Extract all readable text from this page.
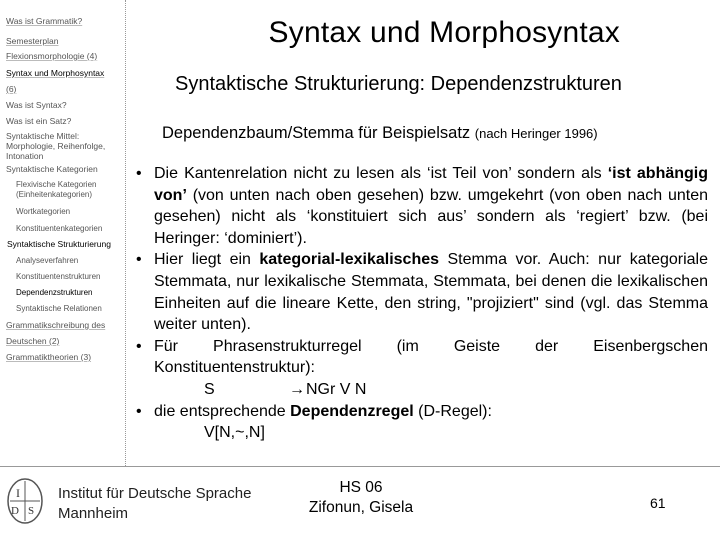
Was ist Grammatik?
Semesterplan
Flexionsmorphologie (4)
Syntax und Morphosyntax
(6)
Was ist Syntax?
Was ist ein Satz?
Syntaktische Mittel: Morphologie, Reihenfolge, Intonation
Syntaktische Kategorien
Flexivische Kategorien (Einheitenkategorien)
Wortkategorien
Konstituentenkategorien
Syntaktische Strukturierung
Analyseverfahren
Konstituentenstrukturen
Dependenzstrukturen
Syntaktische Relationen
Grammatikschreibung des
Deutschen (2)
Grammatiktheorien (3)
Syntax und Morphosyntax
Syntaktische Strukturierung: Dependenzstrukturen
Dependenzbaum/Stemma für Beispielsatz (nach Heringer 1996)
• Die Kantenrelation nicht zu lesen als ‘ist Teil von’ sondern als ‘ist abhängig von’ (von unten nach oben gesehen) bzw. umgekehrt (von oben nach unten gesehen) nicht als ‘konstituiert sich aus’ sondern als ‘regiert’ bzw. (bei Heringer: ‘dominiert’).
• Hier liegt ein kategorial-lexikalisches Stemma vor. Auch: nur kategoriale Stemmata, nur lexikalische Stemmata, Stemmata, bei denen die lexikalischen Einheiten auf die lineare Kette, den string, "projiziert" sind (vgl. das Stemma weiter unten).
• Für Phrasenstrukturregel (im Geiste der Eisenbergschen Konstituentenstruktur):
S	→ NGr V N
• die entsprechende Dependenzregel (D-Regel):
V[N,~,N]
I
D S
Institut für Deutsche Sprache
Mannheim
HS 06
Zifonun, Gisela	61
